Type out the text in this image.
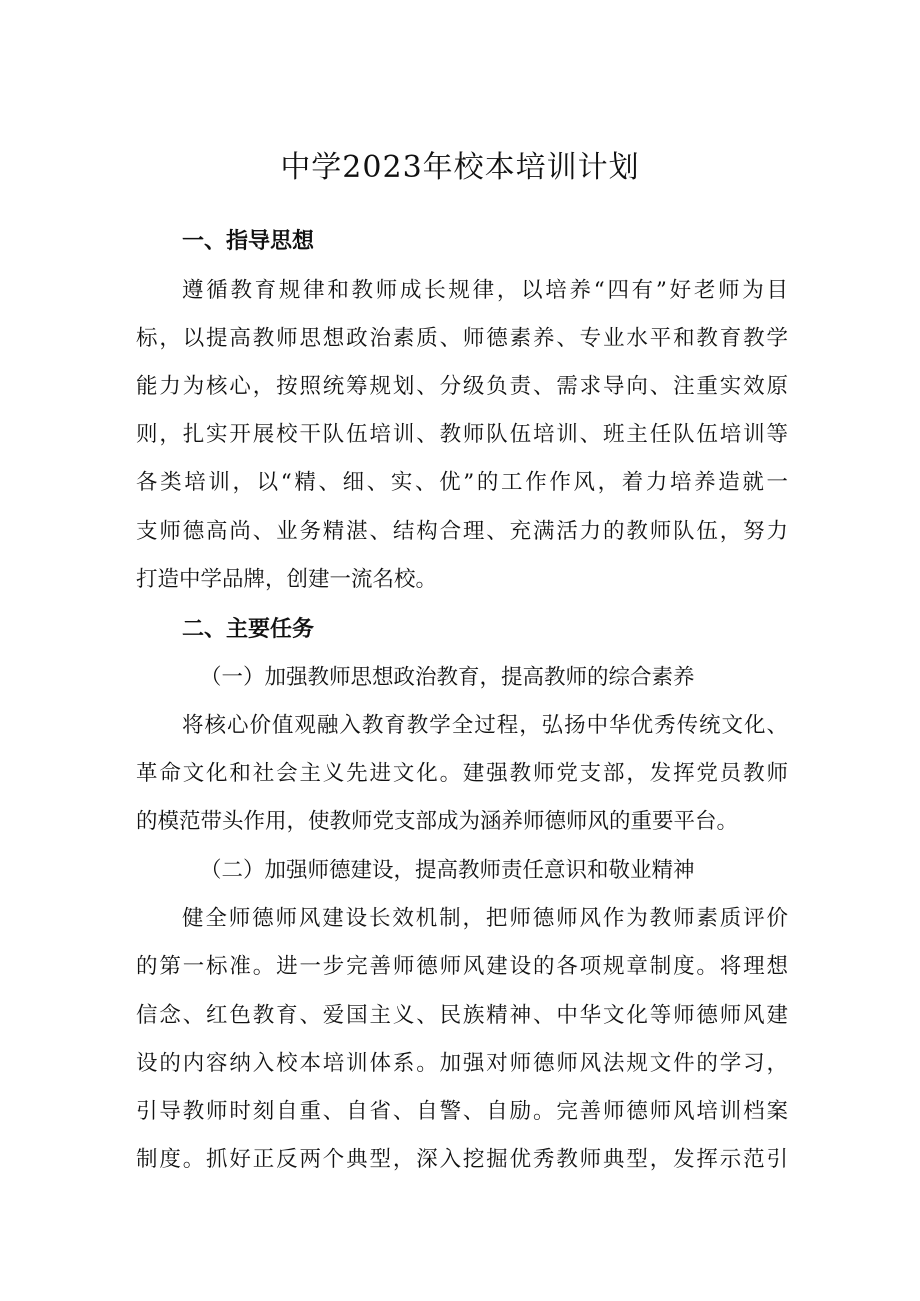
中学2023年校本培训计划
一、指导思想
遵循教育规律和教师成长规律，以培养“四有”好老师为目
标，以提高教师思想政治素质、师德素养、专业水平和教育教学
能力为核心，按照统筹规划、分级负责、需求导向、注重实效原
则，扎实开展校干队伍培训、教师队伍培训、班主任队伍培训等
各类培训，以“精、细、实、优”的工作作风，着力培养造就一
支师德高尚、业务精湛、结构合理、充满活力的教师队伍，努力
打造中学品牌，创建一流名校。
二、主要任务
（一）加强教师思想政治教育，提高教师的综合素养
将核心价值观融入教育教学全过程，弘扬中华优秀传统文化、
革命文化和社会主义先进文化。建强教师党支部，发挥党员教师
的模范带头作用，使教师党支部成为涵养师德师风的重要平台。
（二）加强师德建设，提高教师责任意识和敬业精神
健全师德师风建设长效机制，把师德师风作为教师素质评价
的第一标准。进一步完善师德师风建设的各项规章制度。将理想
信念、红色教育、爱国主义、民族精神、中华文化等师德师风建
设的内容纳入校本培训体系。加强对师德师风法规文件的学习，
引导教师时刻自重、自省、自警、自励。完善师德师风培训档案
制度。抓好正反两个典型，深入挖掘优秀教师典型，发挥示范引
